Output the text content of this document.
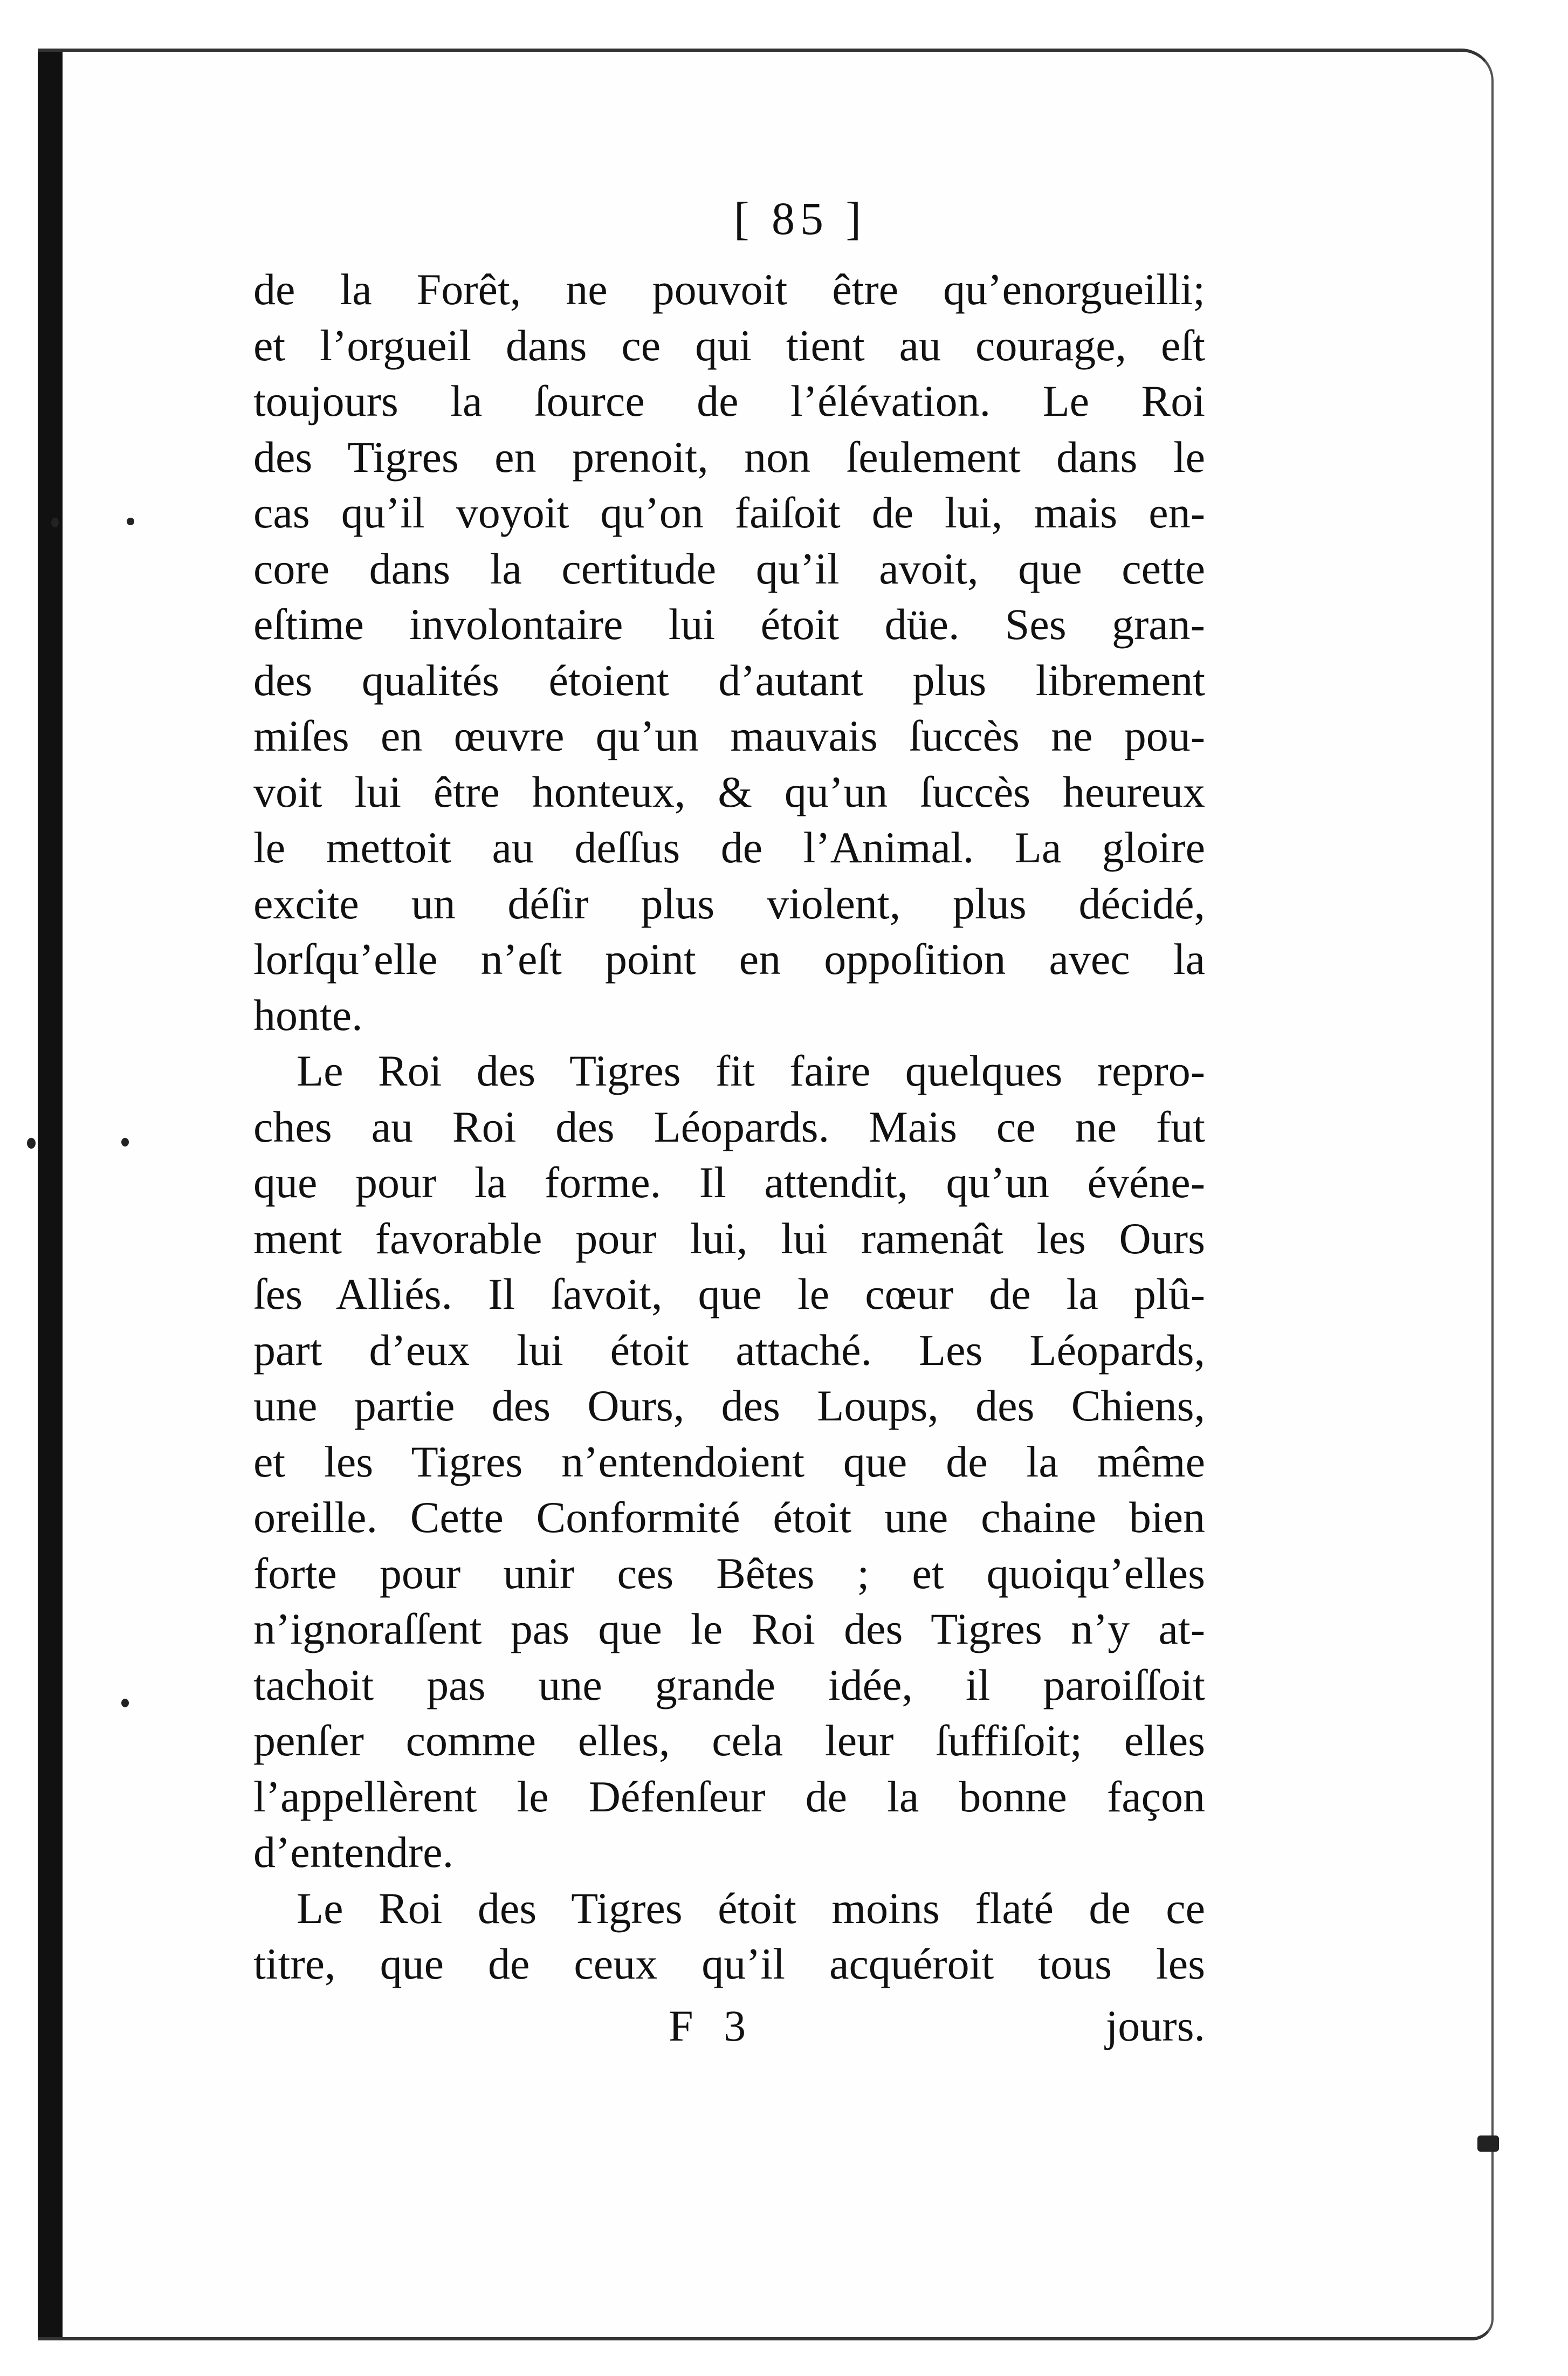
[ 85 ]
de la Forêt, ne pouvoit être qu’enorgueilli;
et l’orgueil dans ce qui tient au courage, eſt
toujours la ſource de l’élévation. Le Roi
des Tigres en prenoit, non ſeulement dans le
cas qu’il voyoit qu’on faiſoit de lui, mais en-
core dans la certitude qu’il avoit, que cette
eſtime involontaire lui étoit düe. Ses gran-
des qualités étoient d’autant plus librement
miſes en œuvre qu’un mauvais ſuccès ne pou-
voit lui être honteux, & qu’un ſuccès heureux
le mettoit au deſſus de l’Animal. La gloire
excite un déſir plus violent, plus décidé,
lorſqu’elle n’eſt point en oppoſition avec la
honte.
Le Roi des Tigres fit faire quelques repro-
ches au Roi des Léopards. Mais ce ne fut
que pour la forme. Il attendit, qu’un événe-
ment favorable pour lui, lui ramenât les Ours
ſes Alliés. Il ſavoit, que le cœur de la plû-
part d’eux lui étoit attaché. Les Léopards,
une partie des Ours, des Loups, des Chiens,
et les Tigres n’entendoient que de la même
oreille. Cette Conformité étoit une chaine bien
forte pour unir ces Bêtes ; et quoiqu’elles
n’ignoraſſent pas que le Roi des Tigres n’y at-
tachoit pas une grande idée, il paroiſſoit
penſer comme elles, cela leur ſuffiſoit; elles
l’appellèrent le Défenſeur de la bonne façon
d’entendre.
Le Roi des Tigres étoit moins flaté de ce
titre, que de ceux qu’il acquéroit tous les
F 3	jours.
